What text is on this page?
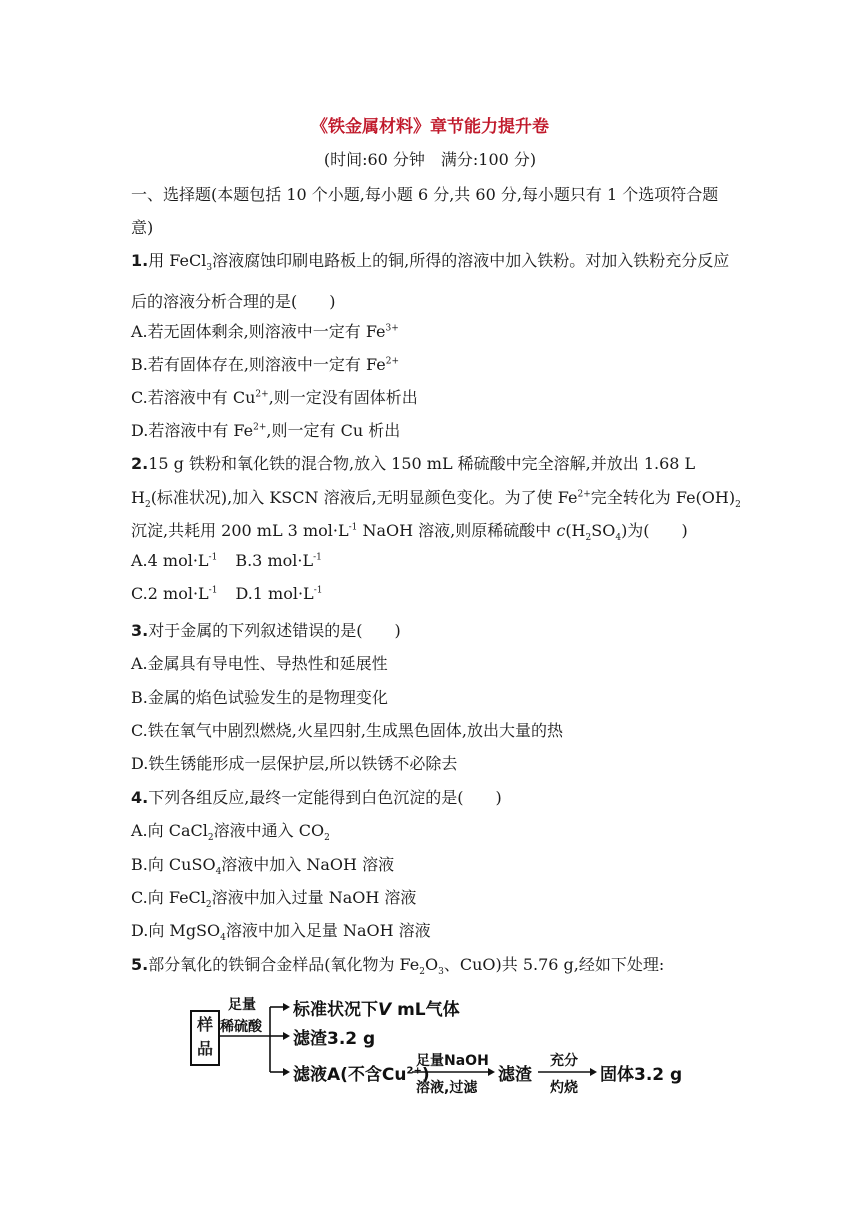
《铁金属材料》章节能力提升卷
(时间:60 分钟　满分:100 分)
一、选择题(本题包括 10 个小题,每小题 6 分,共 60 分,每小题只有 1 个选项符合题意)
1.用 FeCl$_3$溶液腐蚀印刷电路板上的铜,所得的溶液中加入铁粉。对加入铁粉充分反应后的溶液分析合理的是(　　)
A.若无固体剩余,则溶液中一定有 $Fe^{3+}$
B.若有固体存在,则溶液中一定有 $Fe^{2+}$
C.若溶液中有 $Cu^{2+}$,则一定没有固体析出
D.若溶液中有 $Fe^{2+}$,则一定有 Cu 析出
2.15 g 铁粉和氧化铁的混合物,放入 150 mL 稀硫酸中完全溶解,并放出 1.68 L
$H_2$(标准状况),加入 KSCN 溶液后,无明显颜色变化。为了使 $Fe^{2+}$完全转化为 $Fe(OH)_2$
沉淀,共耗用 200 mL 3 $mol\cdot L^{-1}$ NaOH 溶液,则原稀硫酸中 $c(H_2SO_4)$为(　　)
A.4 $mol\cdot L^{-1}$ B.3 $mol\cdot L^{-1}$
C.2 $mol\cdot L^{-1}$ D.1 $mol\cdot L^{-1}$
3.对于金属的下列叙述错误的是(　　)
A.金属具有导电性、导热性和延展性
B.金属的焰色试验发生的是物理变化
C.铁在氧气中剧烈燃烧,火星四射,生成黑色固体,放出大量的热
D.铁生锈能形成一层保护层,所以铁锈不必除去
4.下列各组反应,最终一定能得到白色沉淀的是(　　)
A.向 CaCl$_2$溶液中通入 $CO_2$
B.向 CuSO$_4$溶液中加入 NaOH 溶液
C.向 FeCl$_2$溶液中加入过量 NaOH 溶液
D.向 MgSO$_4$溶液中加入足量 NaOH 溶液
5.部分氧化的铁铜合金样品(氧化物为 $Fe_2O_3$、CuO)共 5.76 g,经如下处理:
样品
足量
稀硫酸
标准状况下V mL气体
滤渣3.2 g
滤液A(不含$Cu^{2+}$)
足量NaOH
溶液,过滤
滤渣
充分
灼烧
固体3.2 g
